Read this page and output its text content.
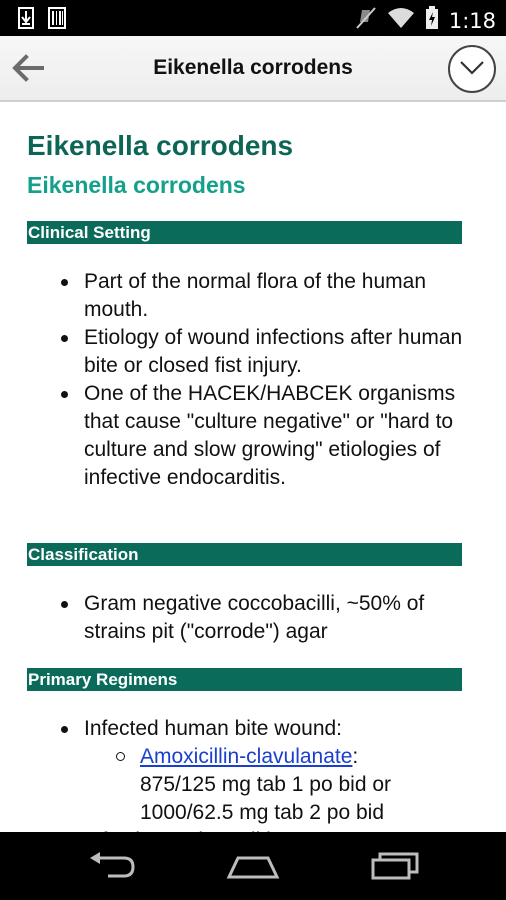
1:18
Eikenella corrodens
Eikenella corrodens
Eikenella corrodens
Clinical Setting
Part of the normal flora of the human mouth.
Etiology of wound infections after human bite or closed fist injury.
One of the HACEK/HABCEK organisms that cause "culture negative" or "hard to culture and slow growing" etiologies of infective endocarditis.
Classification
Gram negative coccobacilli, ~50% of strains pit ("corrode") agar
Primary Regimens
Infected human bite wound:
Amoxicillin-clavulanate:
875/125 mg tab 1 po bid or
1000/62.5 mg tab 2 po bid
